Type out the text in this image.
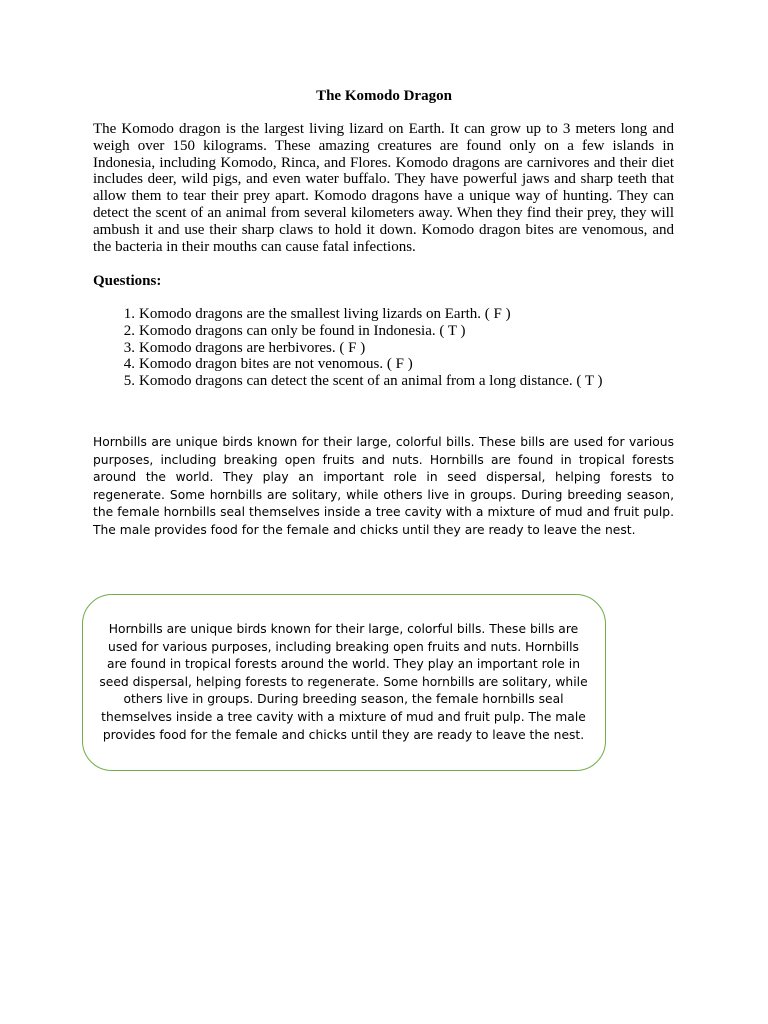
The Komodo Dragon

The Komodo dragon is the largest living lizard on Earth. It can grow up to 3 meters long and weigh over 150 kilograms. These amazing creatures are found only on a few islands in Indonesia, including Komodo, Rinca, and Flores. Komodo dragons are carnivores and their diet includes deer, wild pigs, and even water buffalo. They have powerful jaws and sharp teeth that allow them to tear their prey apart. Komodo dragons have a unique way of hunting. They can detect the scent of an animal from several kilometers away. When they find their prey, they will ambush it and use their sharp claws to hold it down. Komodo dragon bites are venomous, and the bacteria in their mouths can cause fatal infections.

Questions:
1. Komodo dragons are the smallest living lizards on Earth. ( F )
2. Komodo dragons can only be found in Indonesia. ( T )
3. Komodo dragons are herbivores. ( F )
4. Komodo dragon bites are not venomous. ( F )
5. Komodo dragons can detect the scent of an animal from a long distance. ( T )

Hornbills are unique birds known for their large, colorful bills. These bills are used for various purposes, including breaking open fruits and nuts. Hornbills are found in tropical forests around the world. They play an important role in seed dispersal, helping forests to regenerate. Some hornbills are solitary, while others live in groups. During breeding season, the female hornbills seal themselves inside a tree cavity with a mixture of mud and fruit pulp. The male provides food for the female and chicks until they are ready to leave the nest.

Hornbills are unique birds known for their large, colorful bills. These bills are used for various purposes, including breaking open fruits and nuts. Hornbills are found in tropical forests around the world. They play an important role in seed dispersal, helping forests to regenerate. Some hornbills are solitary, while others live in groups. During breeding season, the female hornbills seal themselves inside a tree cavity with a mixture of mud and fruit pulp. The male provides food for the female and chicks until they are ready to leave the nest.
